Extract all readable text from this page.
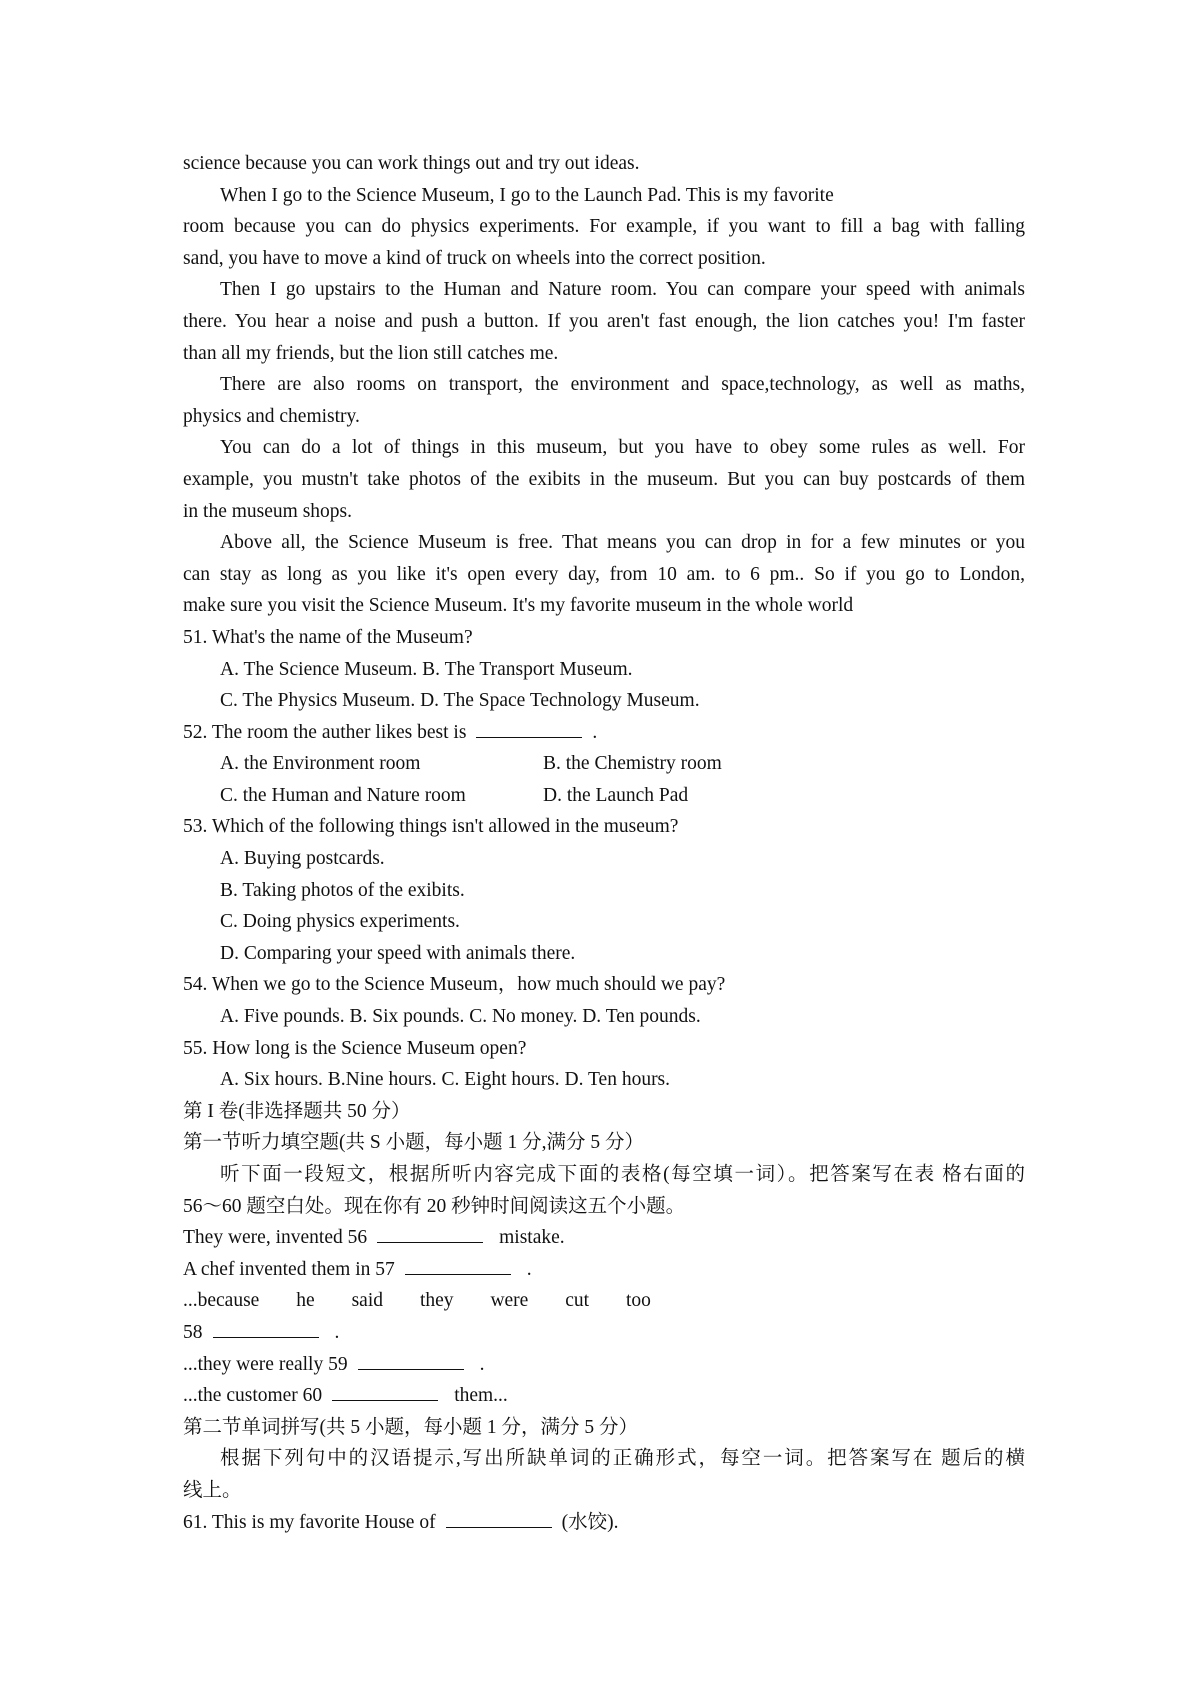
science because you can work things out and try out ideas.
When I go to the Science Museum, I go to the Launch Pad. This is my favorite
room because you can do physics experiments. For example, if you want to fill a bag with falling
sand, you have to move a kind of truck on wheels into the correct position.
Then I go upstairs to the Human and Nature room. You can compare your speed with animals
there. You hear a noise and push a button. If you aren't fast enough, the lion catches you! I'm faster
than all my friends, but the lion still catches me.
There are also rooms on transport, the environment and space,technology, as well as maths,
physics and chemistry.
You can do a lot of things in this museum, but you have to obey some rules as well. For
example, you mustn't take photos of the exibits in the museum. But you can buy postcards of them
in the museum shops.
Above all, the Science Museum is free. That means you can drop in for a few minutes or you
can stay as long as you like it's open every day, from 10 am. to 6 pm.. So if you go to London,
make sure you visit the Science Museum. It's my favorite museum in the whole world
51. What's the name of the Museum?
A. The Science Museum. B. The Transport Museum.
C. The Physics Museum. D. The Space Technology Museum.
52. The room the auther likes best is	.
A. the Environment room	B. the Chemistry room
C. the Human and Nature room	D. the Launch Pad
53. Which of the following things isn't allowed in the museum?
A. Buying postcards.
B. Taking photos of the exibits.
C. Doing physics experiments.
D. Comparing your speed with animals there.
54. When we go to the Science Museum，how much should we pay?
A. Five pounds. B. Six pounds. C. No money. D. Ten pounds.
55. How long is the Science Museum open?
A. Six hours. B.Nine hours. C. Eight hours. D. Ten hours.
第 I 卷(非选择题共 50 分）
第一节听力填空题(共 S 小题，每小题 1 分,满分 5 分）
听下面一段短文，根据所听内容完成下面的表格(每空填一词）。把答案写在表 格右面的
56～60 题空白处。现在你有 20 秒钟时间阅读这五个小题。
They were, invented 56	mistake.
A chef invented them in 57	.
...because he said they were cut too
58	.
...they were really 59	.
...the customer 60	them...
第二节单词拼写(共 5 小题，每小题 1 分，满分 5 分）
根据下列句中的汉语提示,写出所缺单词的正确形式，每空一词。把答案写在 题后的横
线上。
61. This is my favorite House of	(水饺).
